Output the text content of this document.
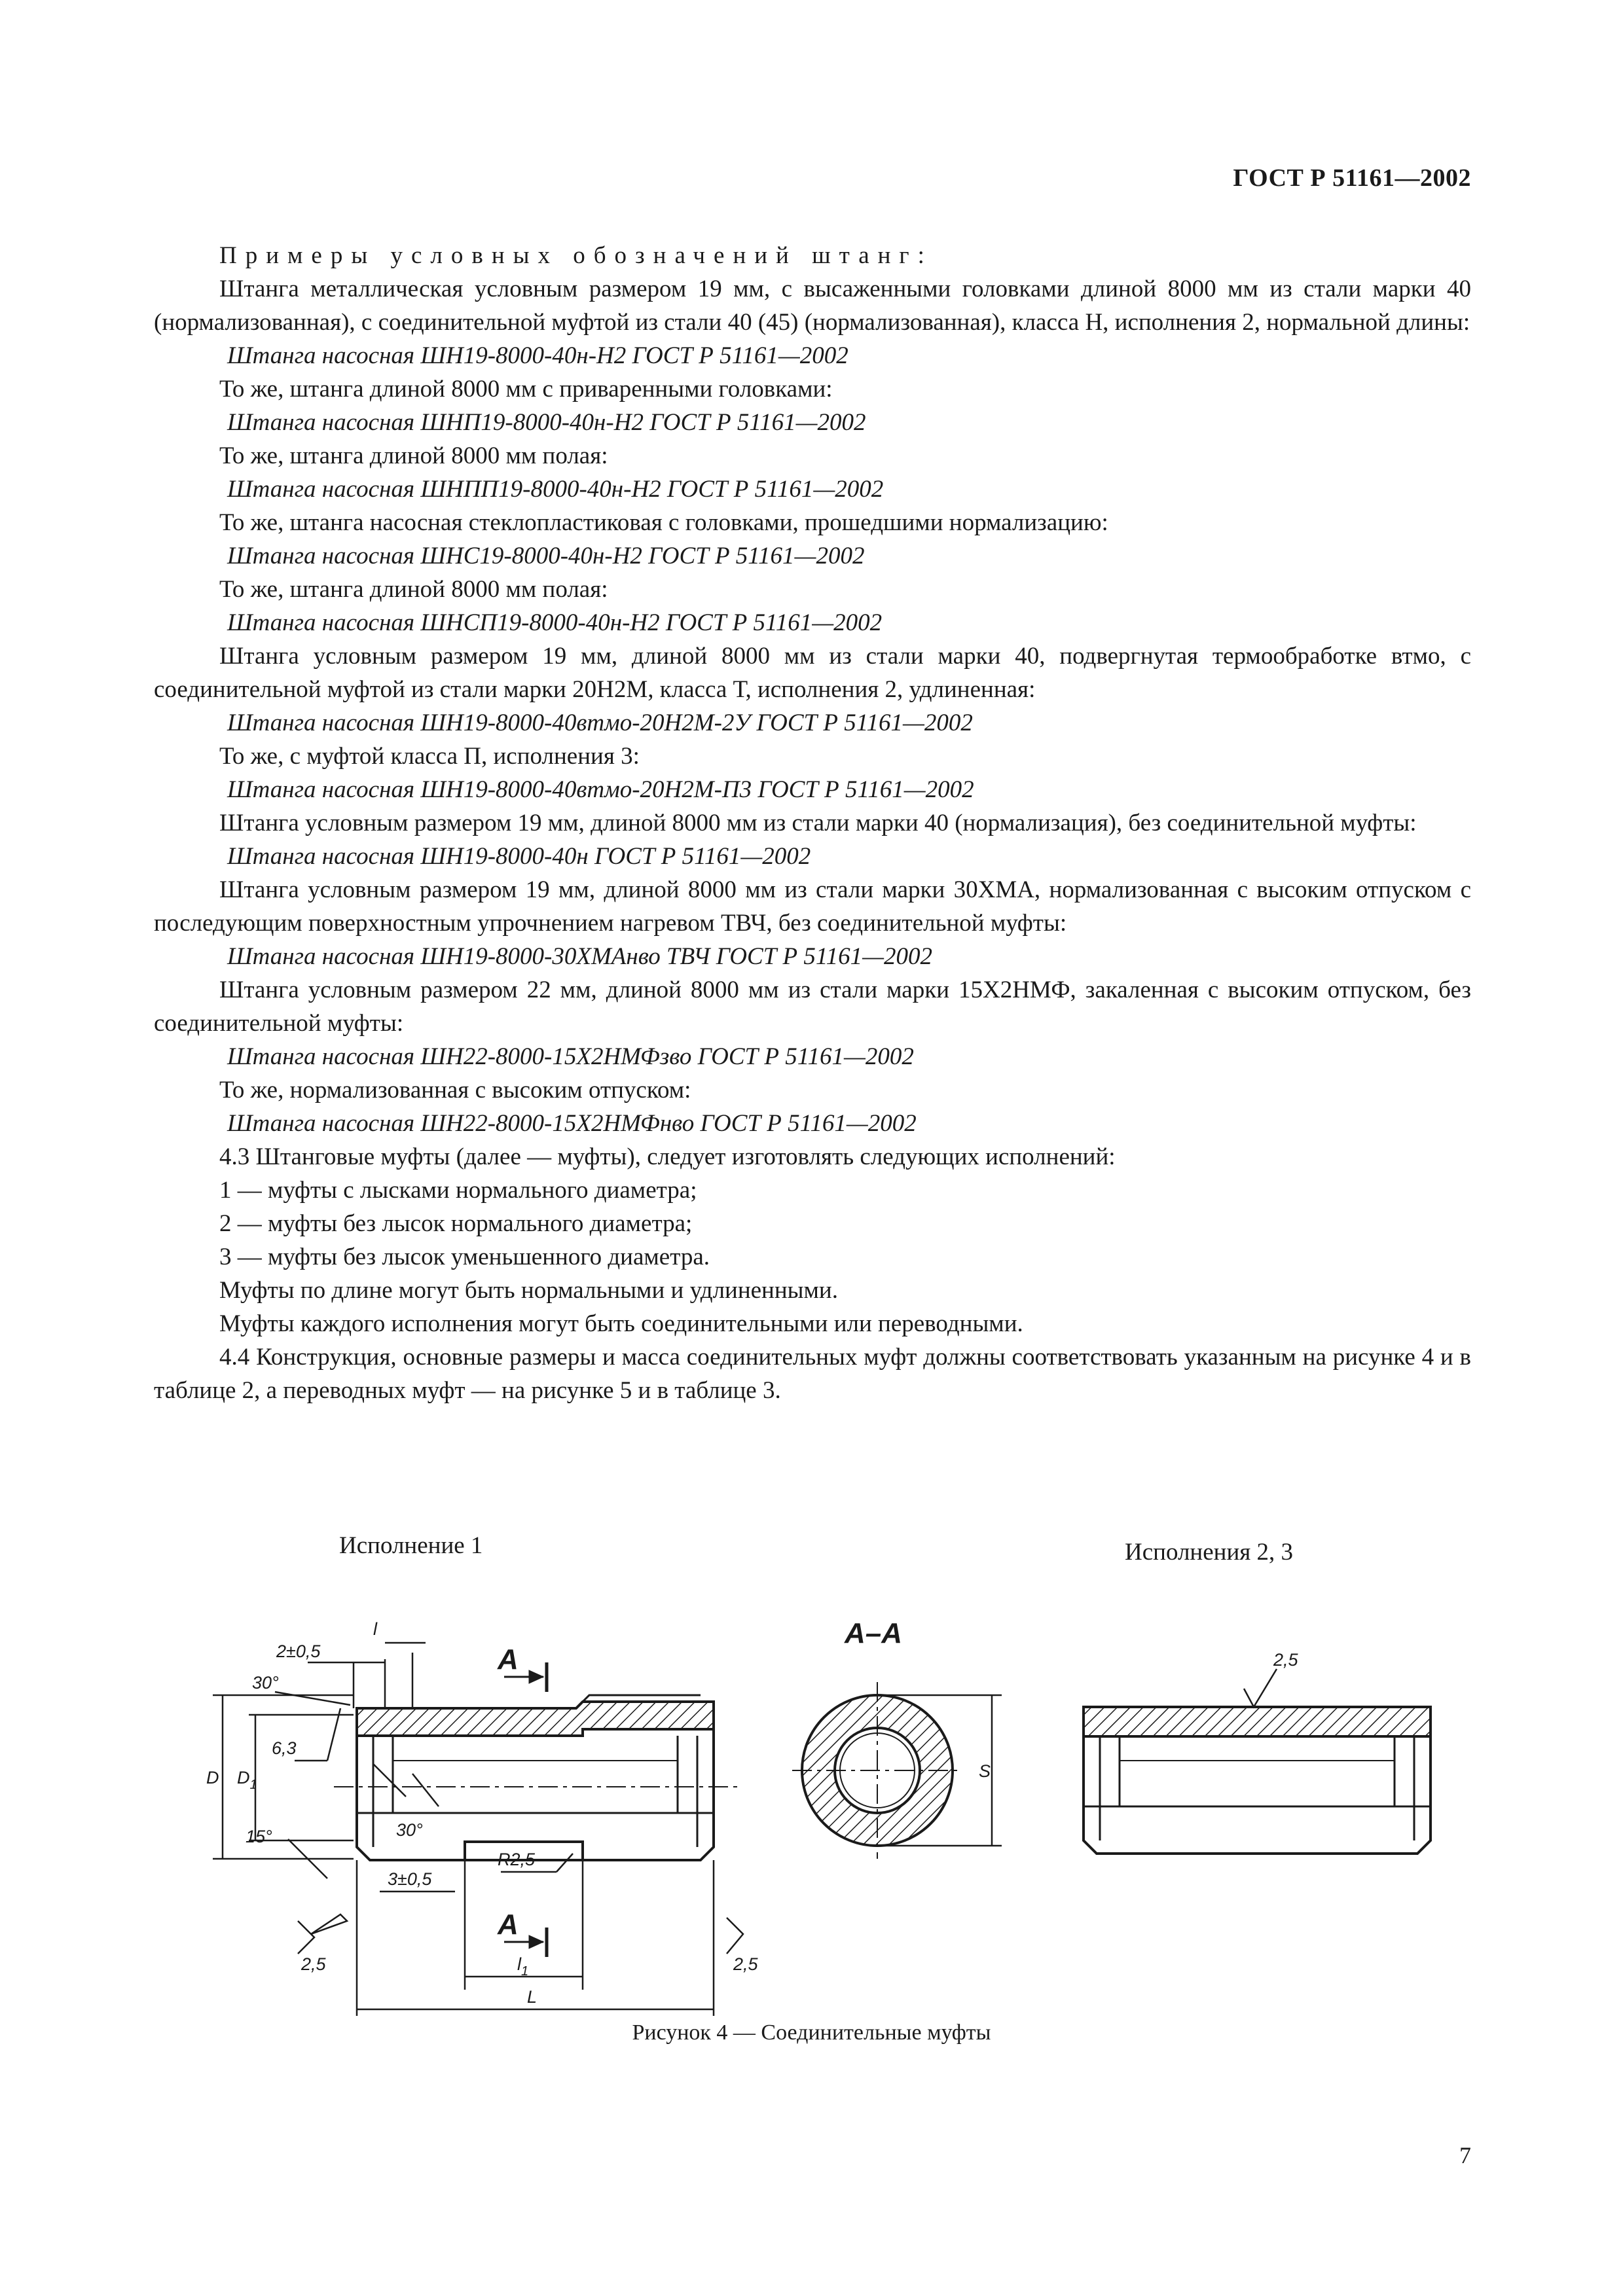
ГОСТ Р 51161—2002

Примеры условных обозначений штанг:

Штанга металлическая условным размером 19 мм, с высаженными головками длиной 8000 мм из стали марки 40 (нормализованная), с соединительной муфтой из стали 40 (45) (нормализованная), класса Н, исполнения 2, нормальной длины:

Штанга насосная ШН19-8000-40н-Н2 ГОСТ Р 51161—2002

То же, штанга длиной 8000 мм с приваренными головками:

Штанга насосная ШНП19-8000-40н-Н2 ГОСТ Р 51161—2002

То же, штанга длиной 8000 мм полая:

Штанга насосная ШНПП19-8000-40н-Н2 ГОСТ Р 51161—2002

То же, штанга насосная стеклопластиковая с головками, прошедшими нормализацию:

Штанга насосная ШНС19-8000-40н-Н2 ГОСТ Р 51161—2002

То же, штанга длиной 8000 мм полая:

Штанга насосная ШНСП19-8000-40н-Н2 ГОСТ Р 51161—2002

Штанга условным размером 19 мм, длиной 8000 мм из стали марки 40, подвергнутая термообработке втмо, с соединительной муфтой из стали марки 20Н2М, класса Т, исполнения 2, удлиненная:

Штанга насосная ШН19-8000-40втмо-20Н2М-2У ГОСТ Р 51161—2002

То же, с муфтой класса П, исполнения 3:

Штанга насосная ШН19-8000-40втмо-20Н2М-П3 ГОСТ Р 51161—2002

Штанга условным размером 19 мм, длиной 8000 мм из стали марки 40 (нормализация), без соединительной муфты:

Штанга насосная ШН19-8000-40н ГОСТ Р 51161—2002

Штанга условным размером 19 мм, длиной 8000 мм из стали марки 30ХМА, нормализованная с высоким отпуском с последующим поверхностным упрочнением нагревом ТВЧ, без соединительной муфты:

Штанга насосная ШН19-8000-30ХМАнво ТВЧ ГОСТ Р 51161—2002

Штанга условным размером 22 мм, длиной 8000 мм из стали марки 15Х2НМФ, закаленная с высоким отпуском, без соединительной муфты:

Штанга насосная ШН22-8000-15Х2НМФзво ГОСТ Р 51161—2002

То же, нормализованная с высоким отпуском:

Штанга насосная ШН22-8000-15Х2НМФнво ГОСТ Р 51161—2002

4.3 Штанговые муфты (далее — муфты), следует изготовлять следующих исполнений:

1 — муфты с лысками нормального диаметра;

2 — муфты без лысок нормального диаметра;

3 — муфты без лысок уменьшенного диаметра.

Муфты по длине могут быть нормальными и удлиненными.

Муфты каждого исполнения могут быть соединительными или переводными.

4.4 Конструкция, основные размеры и масса соединительных муфт должны соответствовать указанным на рисунке 4 и в таблице 2, а переводных муфт — на рисунке 5 и в таблице 3.

Исполнение 1	Исполнения 2, 3
l
2±0,5
30°
6,3
D $D_1$
15°	30°
3±0,5
R2,5
2,5	2,5
2,5
$l_1$
L
A
A
A–A
S
Рисунок 4 — Соединительные муфты
7
